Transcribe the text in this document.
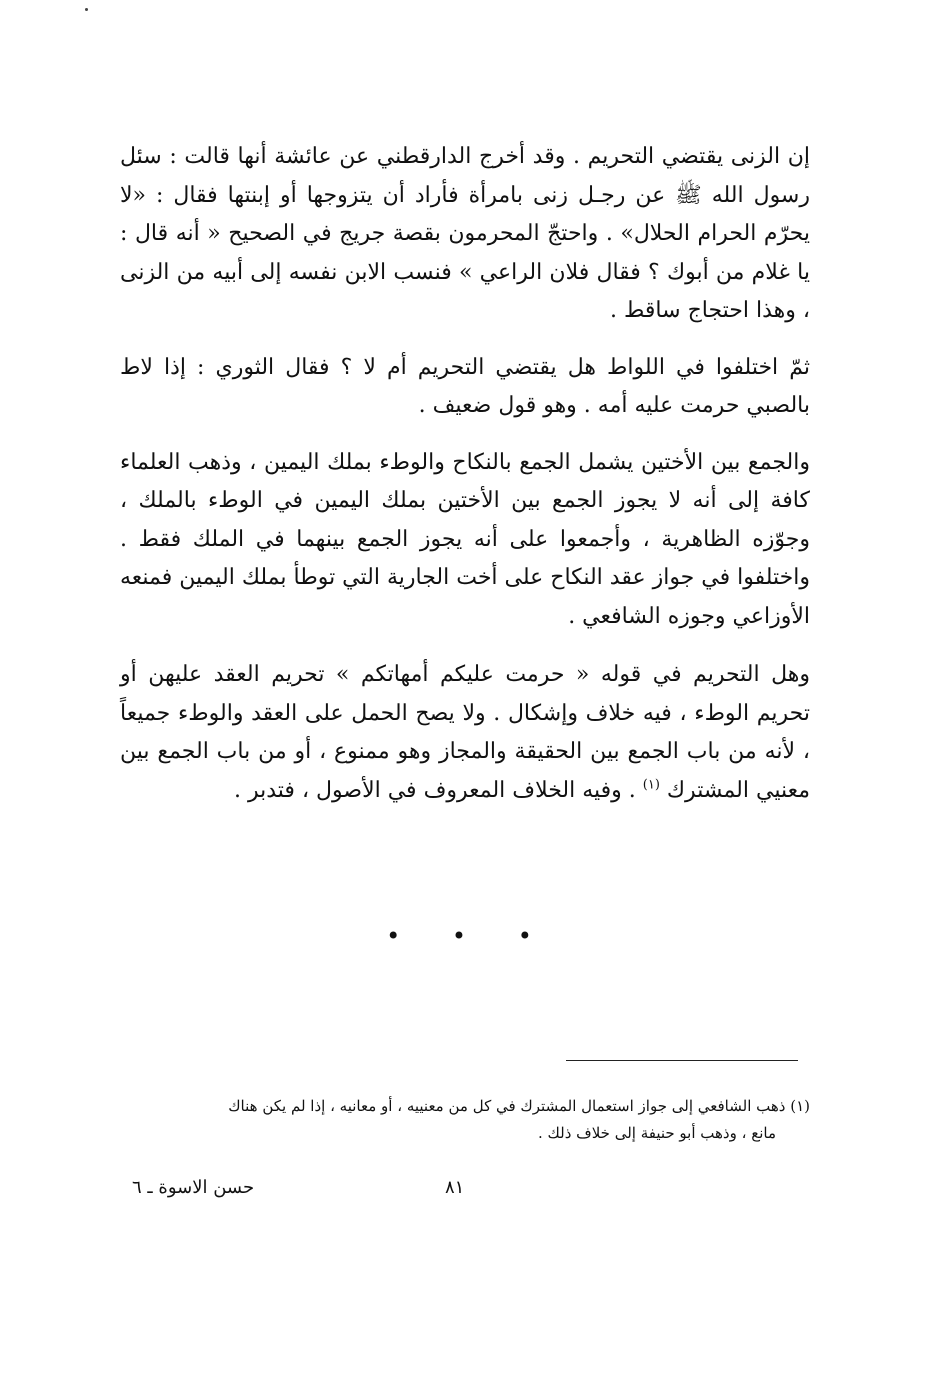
إن الزنى يقتضي التحريم . وقد أخرج الدارقطني عن عائشة أنها قالت : سئل رسول الله ﷺ عن رجـل زنى بامرأة فأراد أن يتزوجها أو إبنتها فقال : «لا يحرّم الحرام الحلال» . واحتجّ المحرمون بقصة جريج في الصحيح « أنه قال : يا غلام من أبوك ؟ فقال فلان الراعي » فنسب الابن نفسه إلى أبيه من الزنى ، وهذا احتجاج ساقط .

ثمّ اختلفوا في اللواط هل يقتضي التحريم أم لا ؟ فقال الثوري : إذا لاط بالصبي حرمت عليه أمه . وهو قول ضعيف .

والجمع بين الأختين يشمل الجمع بالنكاح والوطء بملك اليمين ، وذهب العلماء كافة إلى أنه لا يجوز الجمع بين الأختين بملك اليمين في الوطء بالملك ، وجوّزه الظاهرية ، وأجمعوا على أنه يجوز الجمع بينهما في الملك فقط . واختلفوا في جواز عقد النكاح على أخت الجارية التي توطأ بملك اليمين فمنعه الأوزاعي وجوزه الشافعي .

وهل التحريم في قوله « حرمت عليكم أمهاتكم » تحريم العقد عليهن أو تحريم الوطء ، فيه خلاف وإشكال . ولا يصح الحمل على العقد والوطء جميعاً ، لأنه من باب الجمع بين الحقيقة والمجاز وهو ممنوع ، أو من باب الجمع بين معنيي المشترك $^{(١)}$ . وفيه الخلاف المعروف في الأصول ، فتدبر .

• • •
(١) ذهب الشافعي إلى جواز استعمال المشترك في كل من معنييه ، أو معانيه ، إذا لم يكن هناك
مانع ، وذهب أبو حنيفة إلى خلاف ذلك .
٨١
حسن الاسوة ـ ٦
